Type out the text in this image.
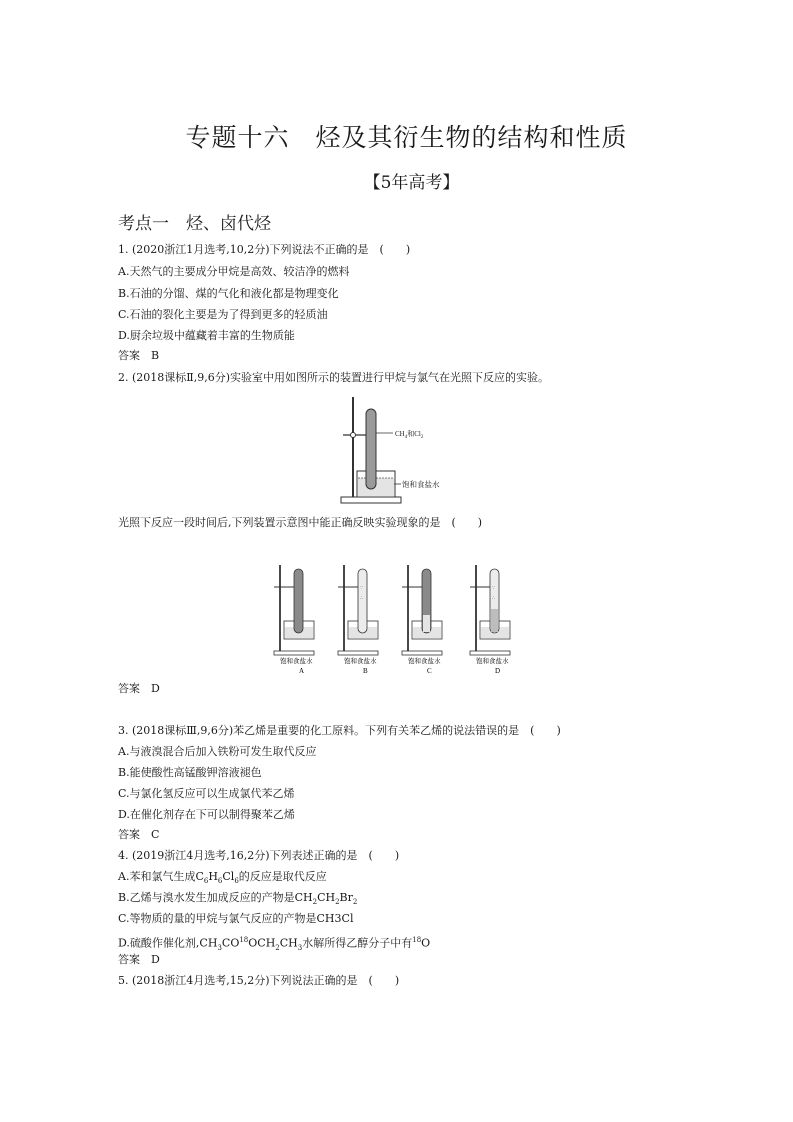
专题十六　烃及其衍生物的结构和性质
【5年高考】
考点一　烃、卤代烃
1. (2020浙江1月选考,10,2分)下列说法不正确的是　(　　)
A.天然气的主要成分甲烷是高效、较洁净的燃料
B.石油的分馏、煤的气化和液化都是物理变化
C.石油的裂化主要是为了得到更多的轻质油
D.厨余垃圾中蕴藏着丰富的生物质能
答案　B
2. (2018课标Ⅱ,9,6分)实验室中用如图所示的装置进行甲烷与氯气在光照下反应的实验。
$CH_4$和$Cl_2$
饱和食盐水
光照下反应一段时间后,下列装置示意图中能正确反映实验现象的是　(　　)
饱和食盐水
A
∵
∴
饱和食盐水
B
饱和食盐水
C
∵
∴
饱和食盐水
D
答案　D
3. (2018课标Ⅲ,9,6分)苯乙烯是重要的化工原料。下列有关苯乙烯的说法错误的是　(　　)
A.与液溴混合后加入铁粉可发生取代反应
B.能使酸性高锰酸钾溶液褪色
C.与氯化氢反应可以生成氯代苯乙烯
D.在催化剂存在下可以制得聚苯乙烯
答案　C
4. (2019浙江4月选考,16,2分)下列表述正确的是　(　　)
A.苯和氯气生成$C_6H_6Cl_6$的反应是取代反应
B.乙烯与溴水发生加成反应的产物是$CH_2CH_2Br_2$
C.等物质的量的甲烷与氯气反应的产物是CH3Cl
D.硫酸作催化剂$,CH_3CO^{18}OCH_2CH_3$水解所得乙醇分子中有$^{18}$O
答案　D
5. (2018浙江4月选考,15,2分)下列说法正确的是　(　　)
